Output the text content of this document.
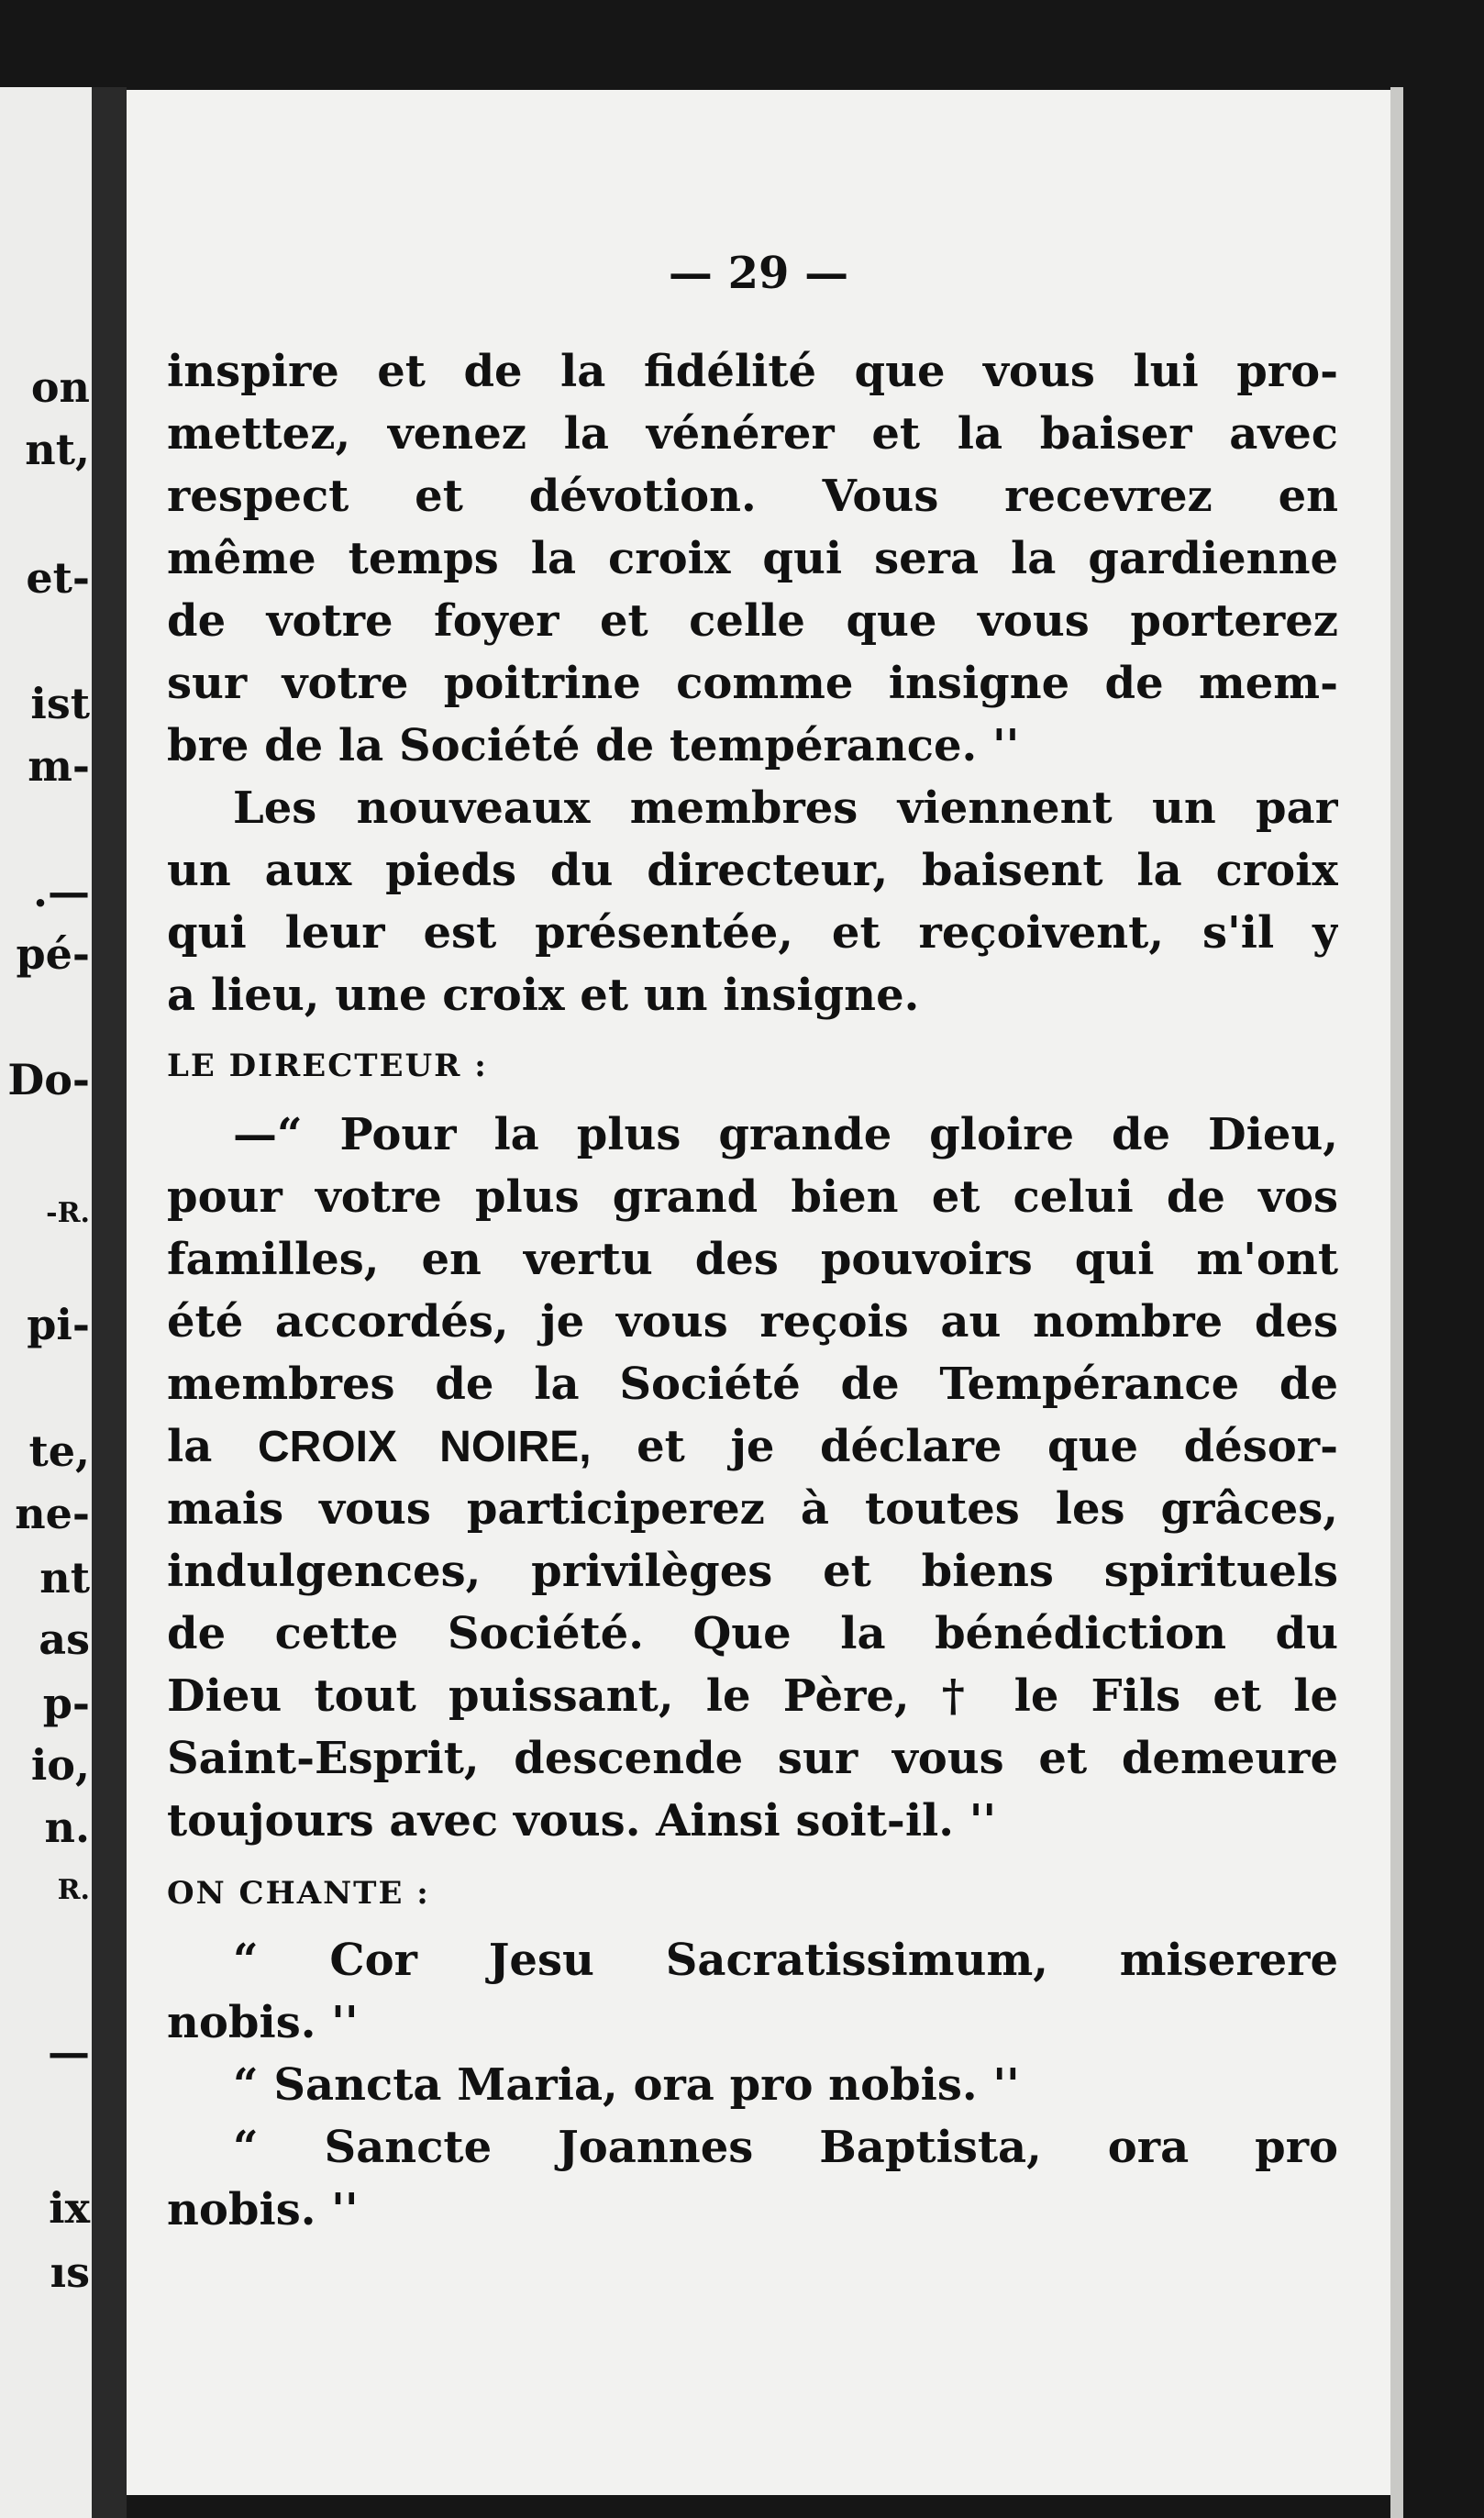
on
nt,
et-
ist
m-
.—
pé-
Do-
-R.
pi-
te,
ne-
nt
as
p-
io,
n.
R.
—
ix
ıs
— 29 —
inspire et de la fidélité que vous lui pro-
mettez, venez la vénérer et la baiser avec
respect et dévotion. Vous recevrez en
même temps la croix qui sera la gardienne
de votre foyer et celle que vous porterez
sur votre poitrine comme insigne de mem-
bre de la Société de tempérance. ''
Les nouveaux membres viennent un par
un aux pieds du directeur, baisent la croix
qui leur est présentée, et reçoivent, s'il y
a lieu, une croix et un insigne.
LE DIRECTEUR :
—“ Pour la plus grande gloire de Dieu,
pour votre plus grand bien et celui de vos
familles, en vertu des pouvoirs qui m'ont
été accordés, je vous reçois au nombre des
membres de la Société de Tempérance de
la CROIX NOIRE, et je déclare que désor-
mais vous participerez à toutes les grâces,
indulgences, privilèges et biens spirituels
de cette Société. Que la bénédiction du
Dieu tout puissant, le Père, † le Fils et le
Saint-Esprit, descende sur vous et demeure
toujours avec vous. Ainsi soit-il. ''
ON CHANTE :
“ Cor Jesu Sacratissimum, miserere
nobis. ''
“ Sancta Maria, ora pro nobis. ''
“ Sancte Joannes Baptista, ora pro
nobis. ''
